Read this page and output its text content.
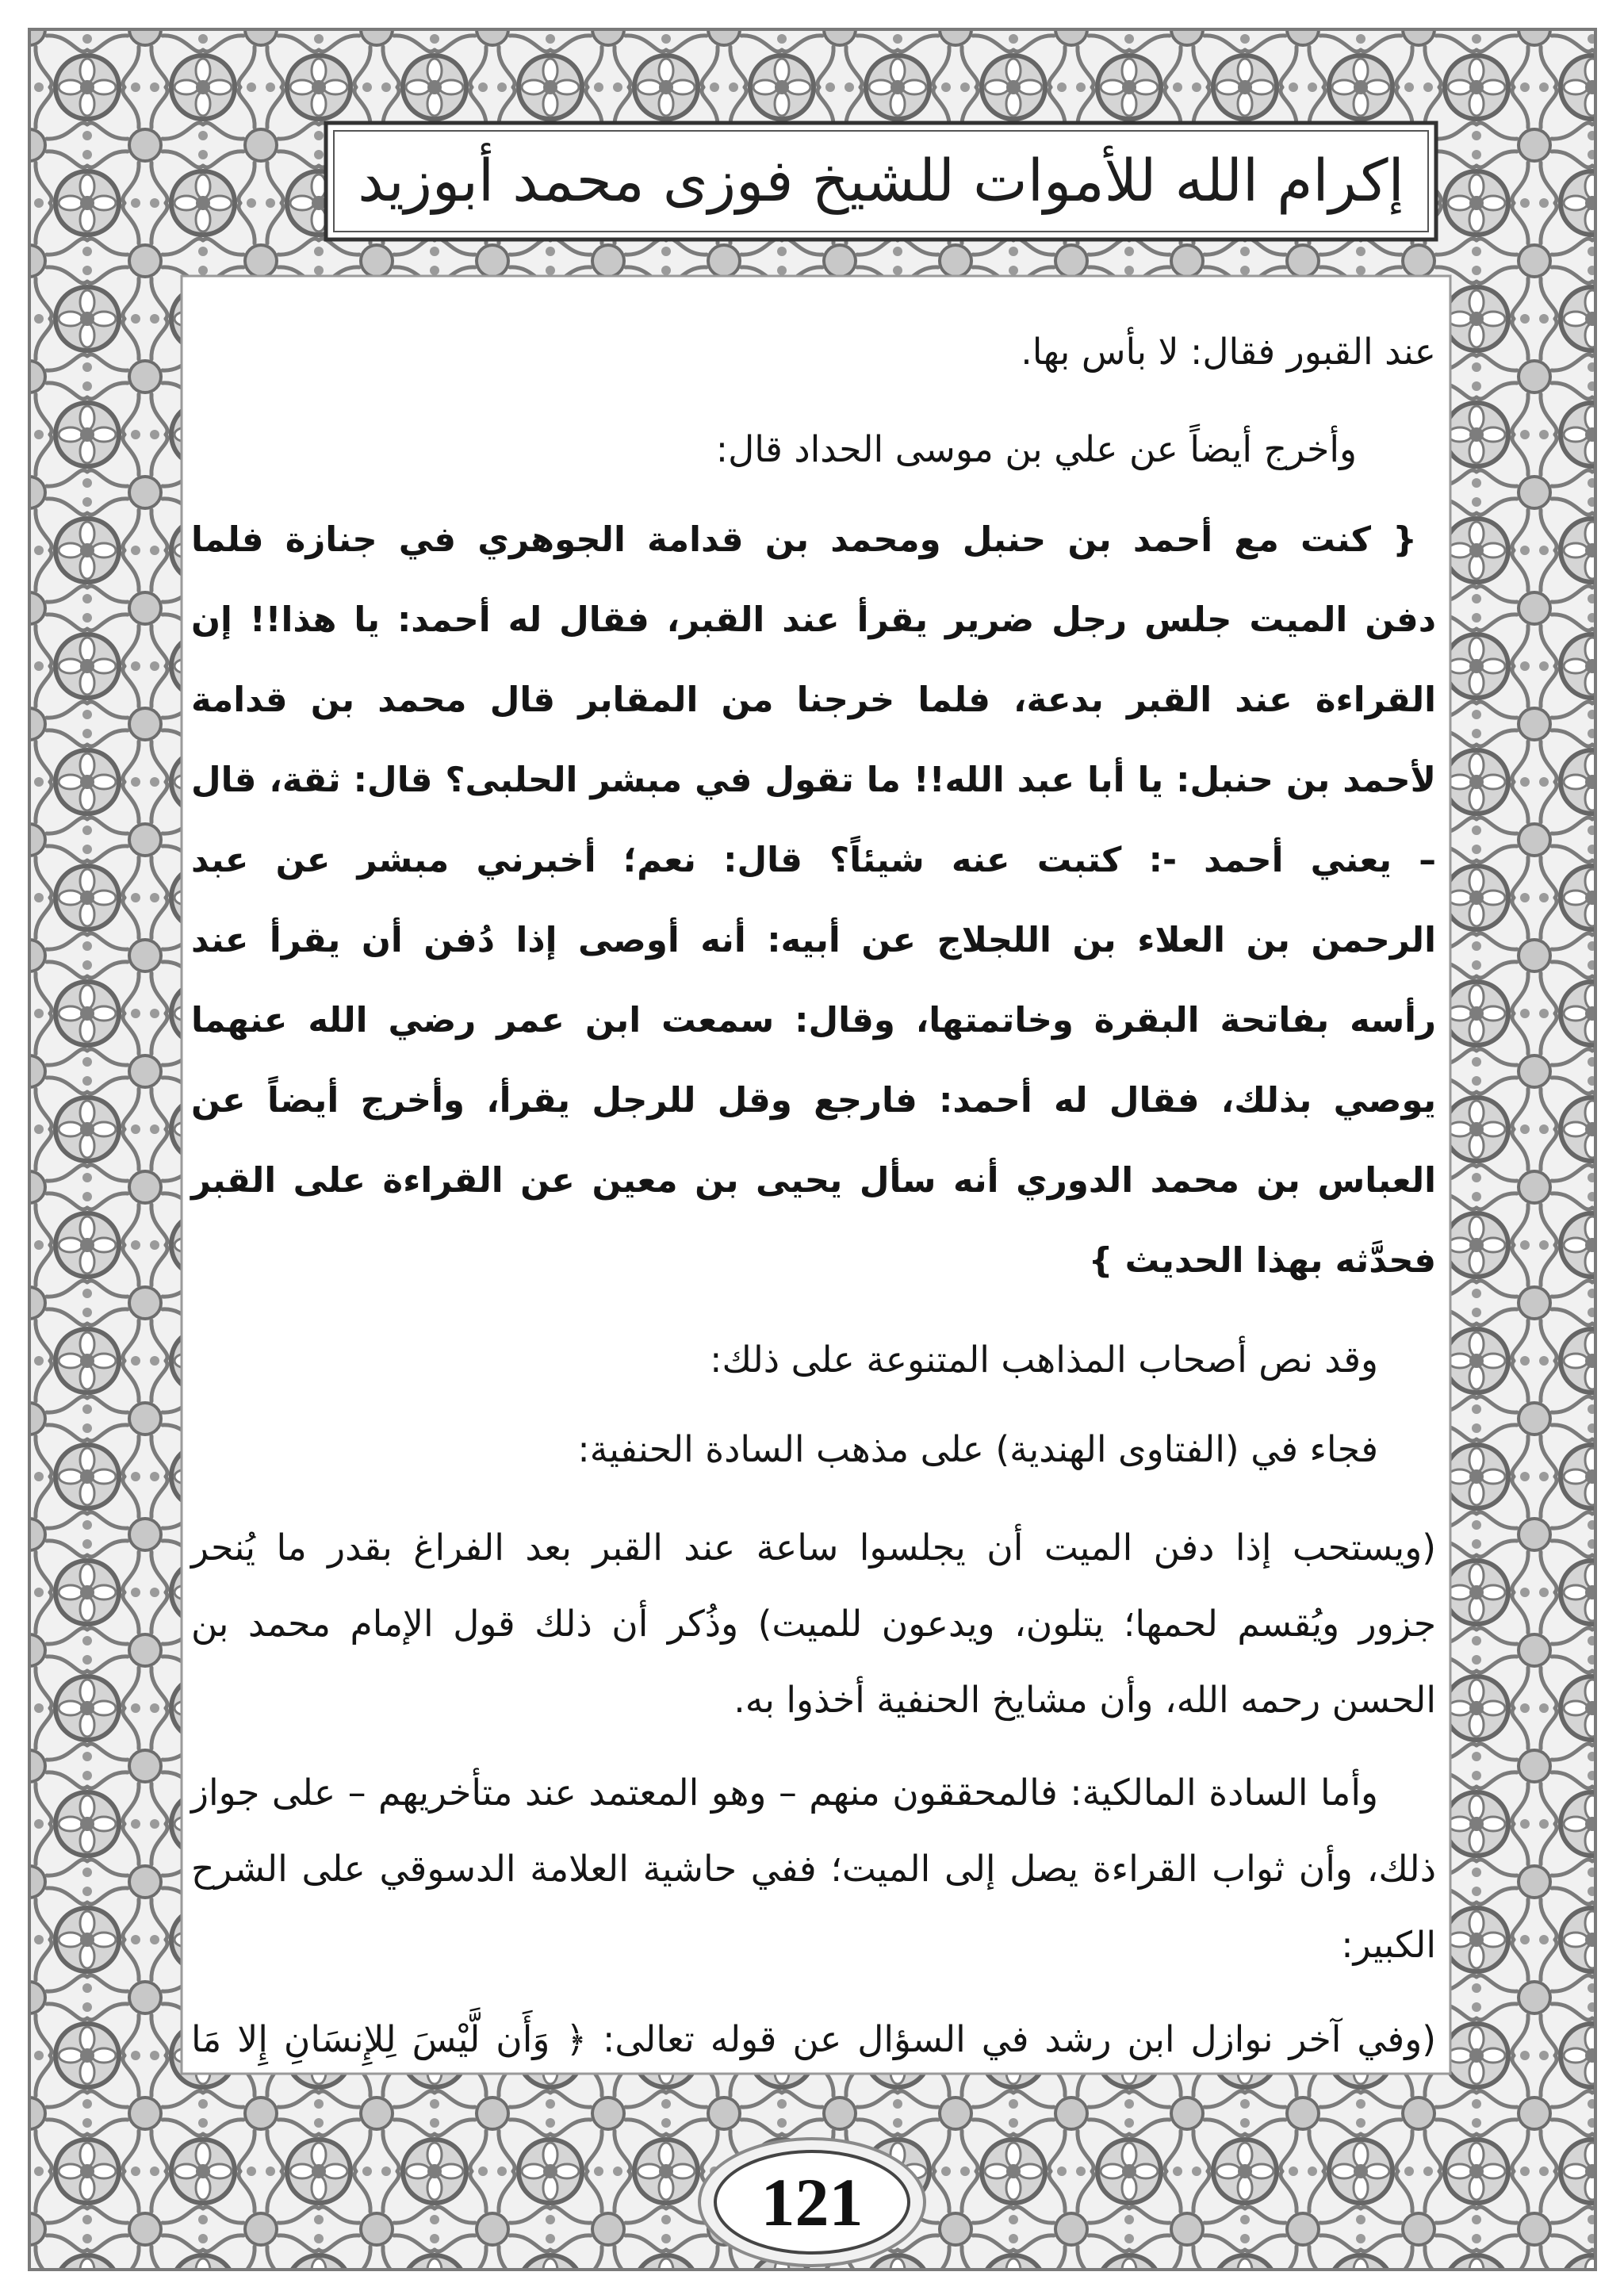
إكرام الله للأموات للشيخ فوزى محمد أبوزيد
عند القبور فقال: لا بأس بها.
وأخرج أيضاً عن علي بن موسى الحداد قال:
{ كنت مع أحمد بن حنبل ومحمد بن قدامة الجوهري في جنازة فلما
دفن الميت جلس رجل ضرير يقرأ عند القبر، فقال له أحمد: يا هذا!! إن
القراءة عند القبر بدعة، فلما خرجنا من المقابر قال محمد بن قدامة
لأحمد بن حنبل: يا أبا عبد الله!! ما تقول في مبشر الحلبى؟ قال: ثقة، قال
– يعني أحمد -: كتبت عنه شيئاً؟ قال: نعم؛ أخبرني مبشر عن عبد
الرحمن بن العلاء بن اللجلاج عن أبيه: أنه أوصى إذا دُفن أن يقرأ عند
رأسه بفاتحة البقرة وخاتمتها، وقال: سمعت ابن عمر رضي الله عنهما
يوصي بذلك، فقال له أحمد: فارجع وقل للرجل يقرأ، وأخرج أيضاً عن
العباس بن محمد الدوري أنه سأل يحيى بن معين عن القراءة على القبر
فحدَّثه بهذا الحديث }
وقد نص أصحاب المذاهب المتنوعة على ذلك:
فجاء في (الفتاوى الهندية) على مذهب السادة الحنفية:
(ويستحب إذا دفن الميت أن يجلسوا ساعة عند القبر بعد الفراغ بقدر ما يُنحر
جزور ويُقسم لحمها؛ يتلون، ويدعون للميت) وذُكر أن ذلك قول الإمام محمد بن
الحسن رحمه الله، وأن مشايخ الحنفية أخذوا به.
وأما السادة المالكية: فالمحققون منهم – وهو المعتمد عند متأخريهم – على جواز
ذلك، وأن ثواب القراءة يصل إلى الميت؛ ففي حاشية العلامة الدسوقي على الشرح
الكبير:
(وفي آخر نوازل ابن رشد في السؤال عن قوله تعالى: ﴿ وَأَن لَّيْسَ لِلإِنسَانِ إِلا مَا
121
